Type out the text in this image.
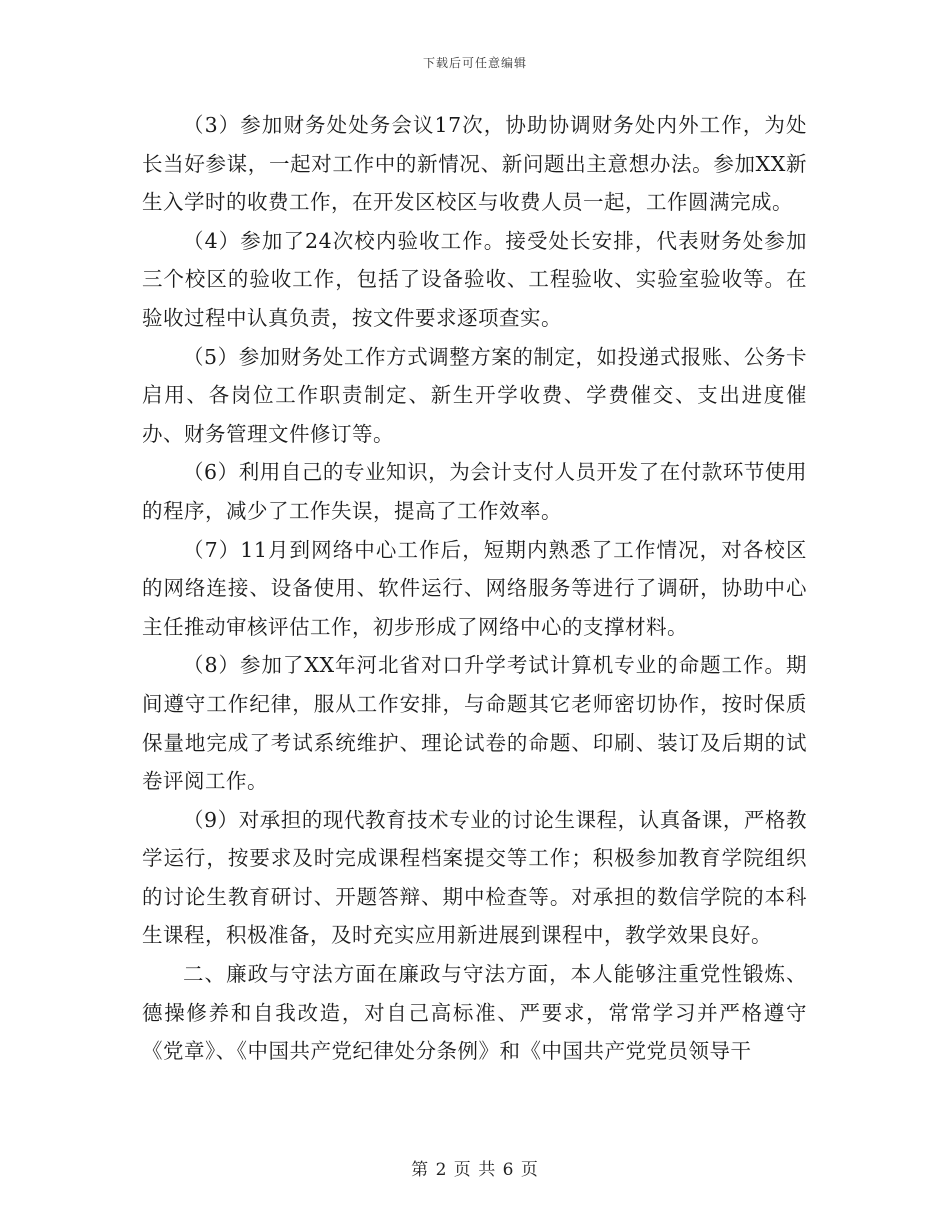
下载后可任意编辑

（3）参加财务处处务会议17次，协助协调财务处内外工作，为处长当好参谋，一起对工作中的新情况、新问题出主意想办法。参加XX新生入学时的收费工作，在开发区校区与收费人员一起，工作圆满完成。

（4）参加了24次校内验收工作。接受处长安排，代表财务处参加三个校区的验收工作，包括了设备验收、工程验收、实验室验收等。在验收过程中认真负责，按文件要求逐项查实。

（5）参加财务处工作方式调整方案的制定，如投递式报账、公务卡启用、各岗位工作职责制定、新生开学收费、学费催交、支出进度催办、财务管理文件修订等。

（6）利用自己的专业知识，为会计支付人员开发了在付款环节使用的程序，减少了工作失误，提高了工作效率。

（7）11月到网络中心工作后，短期内熟悉了工作情况，对各校区的网络连接、设备使用、软件运行、网络服务等进行了调研，协助中心主任推动审核评估工作，初步形成了网络中心的支撑材料。

（8）参加了XX年河北省对口升学考试计算机专业的命题工作。期间遵守工作纪律，服从工作安排，与命题其它老师密切协作，按时保质保量地完成了考试系统维护、理论试卷的命题、印刷、装订及后期的试卷评阅工作。

（9）对承担的现代教育技术专业的讨论生课程，认真备课，严格教学运行，按要求及时完成课程档案提交等工作；积极参加教育学院组织的讨论生教育研讨、开题答辩、期中检查等。对承担的数信学院的本科生课程，积极准备，及时充实应用新进展到课程中，教学效果良好。

二、廉政与守法方面在廉政与守法方面，本人能够注重党性锻炼、德操修养和自我改造，对自己高标准、严要求，常常学习并严格遵守《党章》、《中国共产党纪律处分条例》和《中国共产党党员领导干

第 2 页 共 6 页
